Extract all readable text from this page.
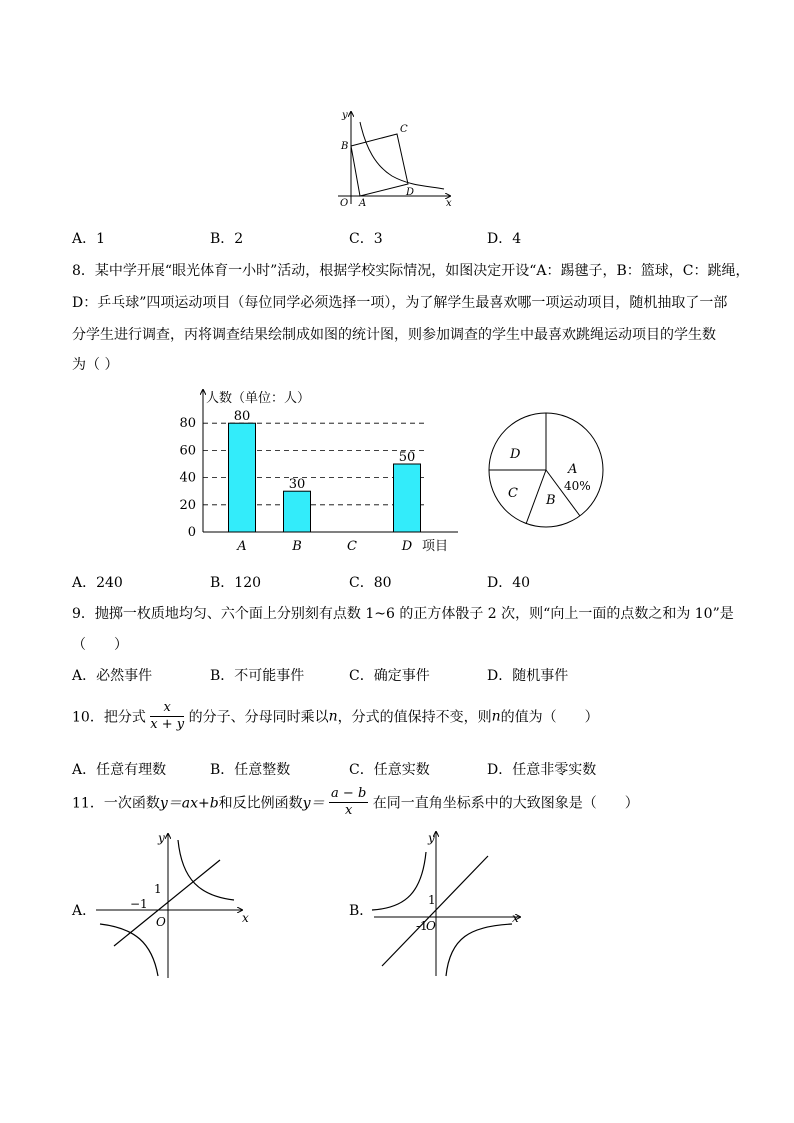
y
x
O A
B
C
D
A．1	B．2	C．3	D．4
8．某中学开展“眼光体育一小时”活动，根据学校实际情况，如图决定开设“A：踢毽子，B：篮球，C：跳绳，
D：乒乓球”四项运动项目（每位同学必须选择一项），为了解学生最喜欢哪一项运动项目，随机抽取了一部
分学生进行调查，丙将调查结果绘制成如图的统计图，则参加调查的学生中最喜欢跳绳运动项目的学生数
为（ ）
人数（单位：人）
项目
80
60
40
20
0
80
A
30
B	C
50
D
A
40%
B
C
D
A．240	B．120	C．80	D．40
9．抛掷一枚质地均匀、六个面上分别刻有点数 1~6 的正方体骰子 2 次，则“向上一面的点数之和为 10”是
（　　）
A．必然事件	B．不可能事件	C．确定事件	D．随机事件
10．把分式 $\frac{x}{x + y}$ 的分子、分母同时乘以n，分式的值保持不变，则n的值为（　　）
A．任意有理数	B．任意整数	C．任意实数	D．任意非零实数
11．一次函数y＝ax+b和反比例函数$y= \frac{a - b}{x}$ 在同一直角坐标系中的大致图象是（　　）
A．
y
x
O
1
−1	B．
y
x
O
1
-1
